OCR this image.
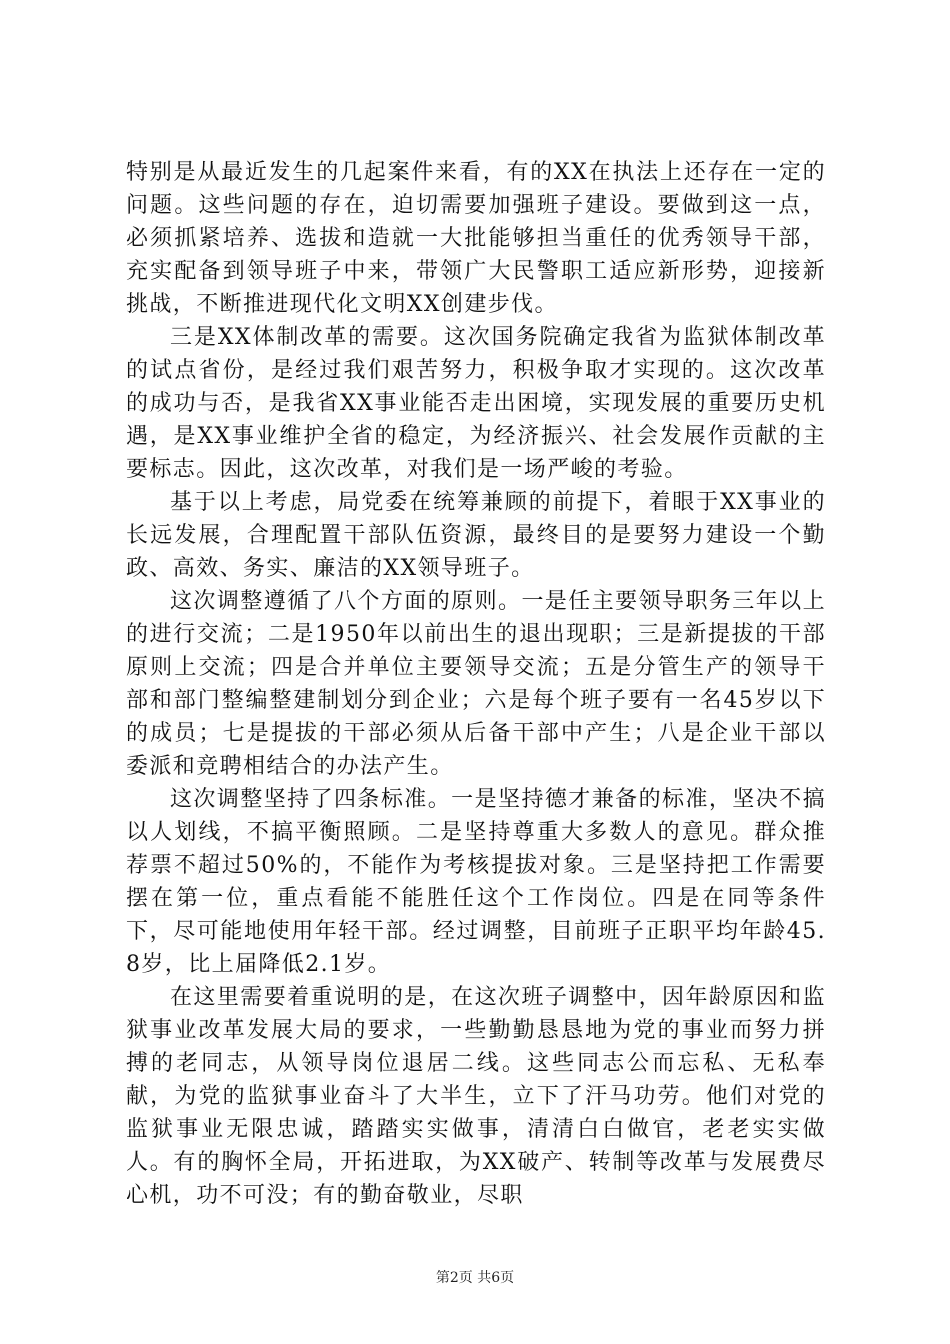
特别是从最近发生的几起案件来看，有的XX在执法上还存在一定的问题。这些问题的存在，迫切需要加强班子建设。要做到这一点，必须抓紧培养、选拔和造就一大批能够担当重任的优秀领导干部，充实配备到领导班子中来，带领广大民警职工适应新形势，迎接新挑战，不断推进现代化文明XX创建步伐。

三是XX体制改革的需要。这次国务院确定我省为监狱体制改革的试点省份，是经过我们艰苦努力，积极争取才实现的。这次改革的成功与否，是我省XX事业能否走出困境，实现发展的重要历史机遇，是XX事业维护全省的稳定，为经济振兴、社会发展作贡献的主要标志。因此，这次改革，对我们是一场严峻的考验。

基于以上考虑，局党委在统筹兼顾的前提下，着眼于XX事业的长远发展，合理配置干部队伍资源，最终目的是要努力建设一个勤政、高效、务实、廉洁的XX领导班子。

这次调整遵循了八个方面的原则。一是任主要领导职务三年以上的进行交流；二是1950年以前出生的退出现职；三是新提拔的干部原则上交流；四是合并单位主要领导交流；五是分管生产的领导干部和部门整编整建制划分到企业；六是每个班子要有一名45岁以下的成员；七是提拔的干部必须从后备干部中产生；八是企业干部以委派和竞聘相结合的办法产生。

这次调整坚持了四条标准。一是坚持德才兼备的标准，坚决不搞以人划线，不搞平衡照顾。二是坚持尊重大多数人的意见。群众推荐票不超过50%的，不能作为考核提拔对象。三是坚持把工作需要摆在第一位，重点看能不能胜任这个工作岗位。四是在同等条件下，尽可能地使用年轻干部。经过调整，目前班子正职平均年龄45.8岁，比上届降低2.1岁。

在这里需要着重说明的是，在这次班子调整中，因年龄原因和监狱事业改革发展大局的要求，一些勤勤恳恳地为党的事业而努力拼搏的老同志，从领导岗位退居二线。这些同志公而忘私、无私奉献，为党的监狱事业奋斗了大半生，立下了汗马功劳。他们对党的监狱事业无限忠诚，踏踏实实做事，清清白白做官，老老实实做人。有的胸怀全局，开拓进取，为XX破产、转制等改革与发展费尽心机，功不可没；有的勤奋敬业，尽职

第2页 共6页
